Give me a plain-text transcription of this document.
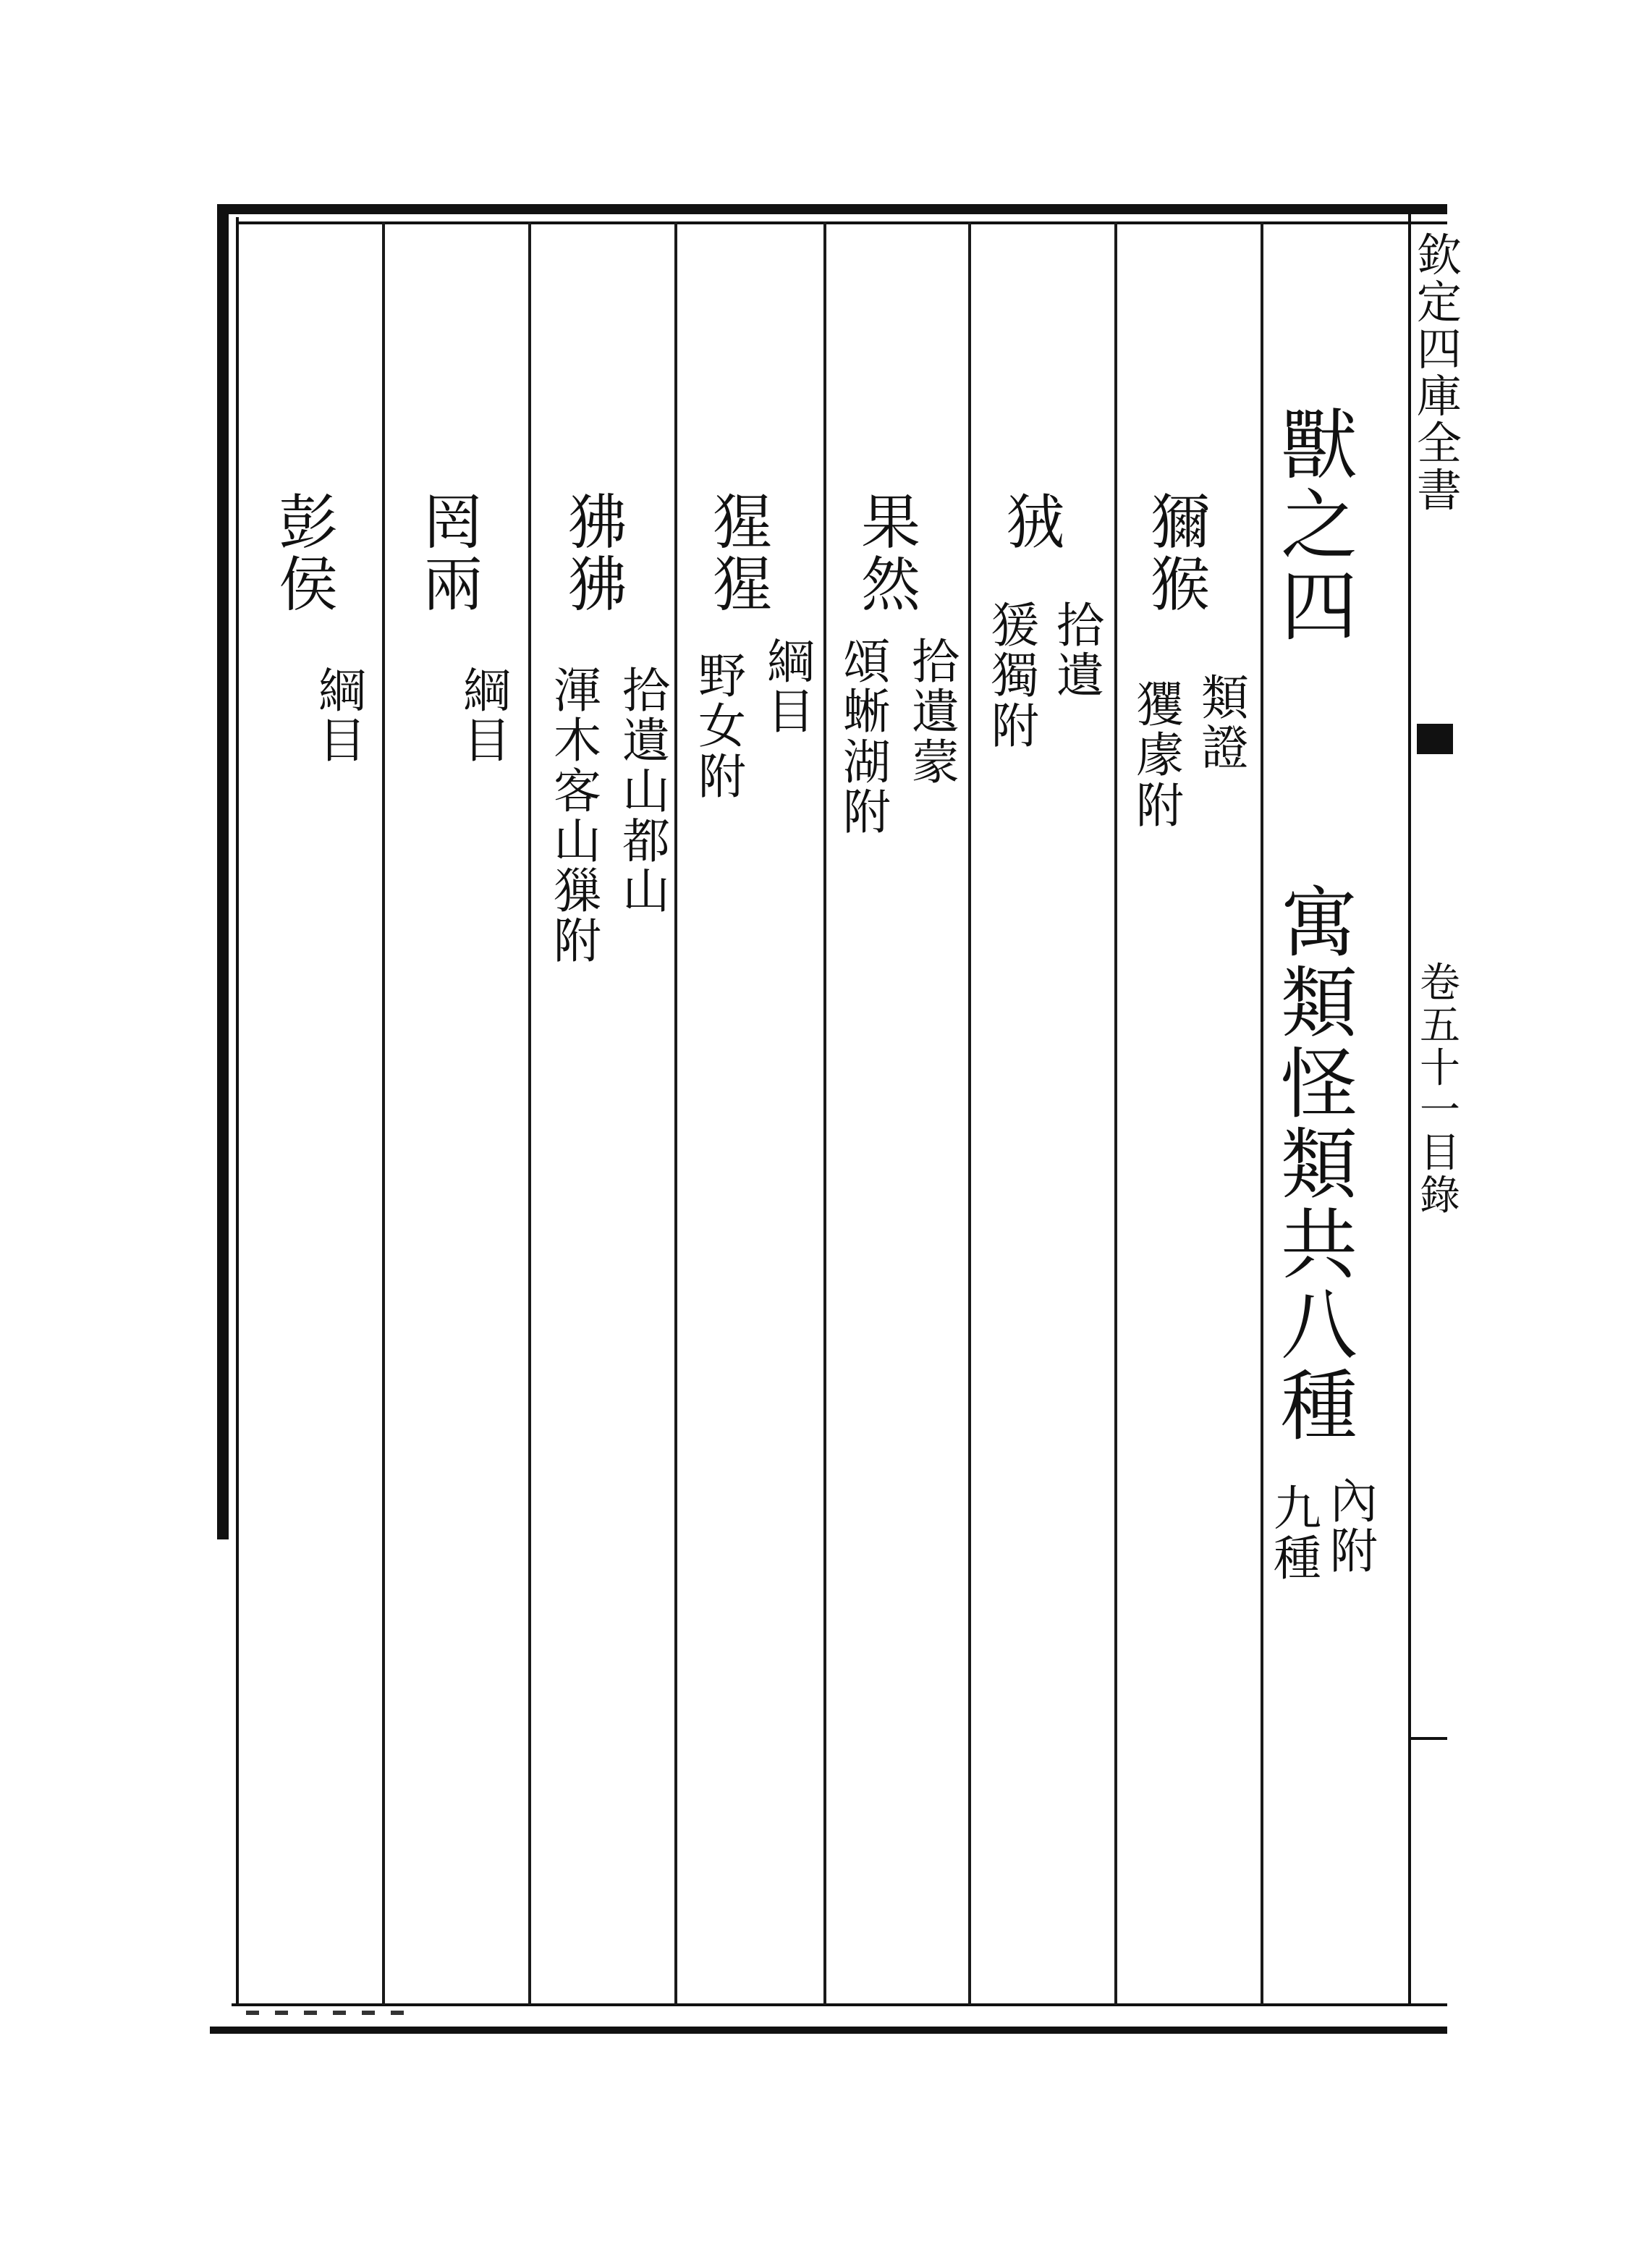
欽
定
四
庫
全
書
卷
五
十
一
目
錄
獸
之
四
寓
類
怪
類
共
八
種
內
附
九
種
獮
猴
類
證
玃
豦
附
狨
拾
遺
猨
獨
附
果
然
拾
遺
蒙
頌
蜥
湖
附
猩
猩
綱
目
野
女
附
狒
狒
拾
遺
山
都
山
渾
木
客
山
㺐
附
罔
兩
綱
目
彭
侯
綱
目
